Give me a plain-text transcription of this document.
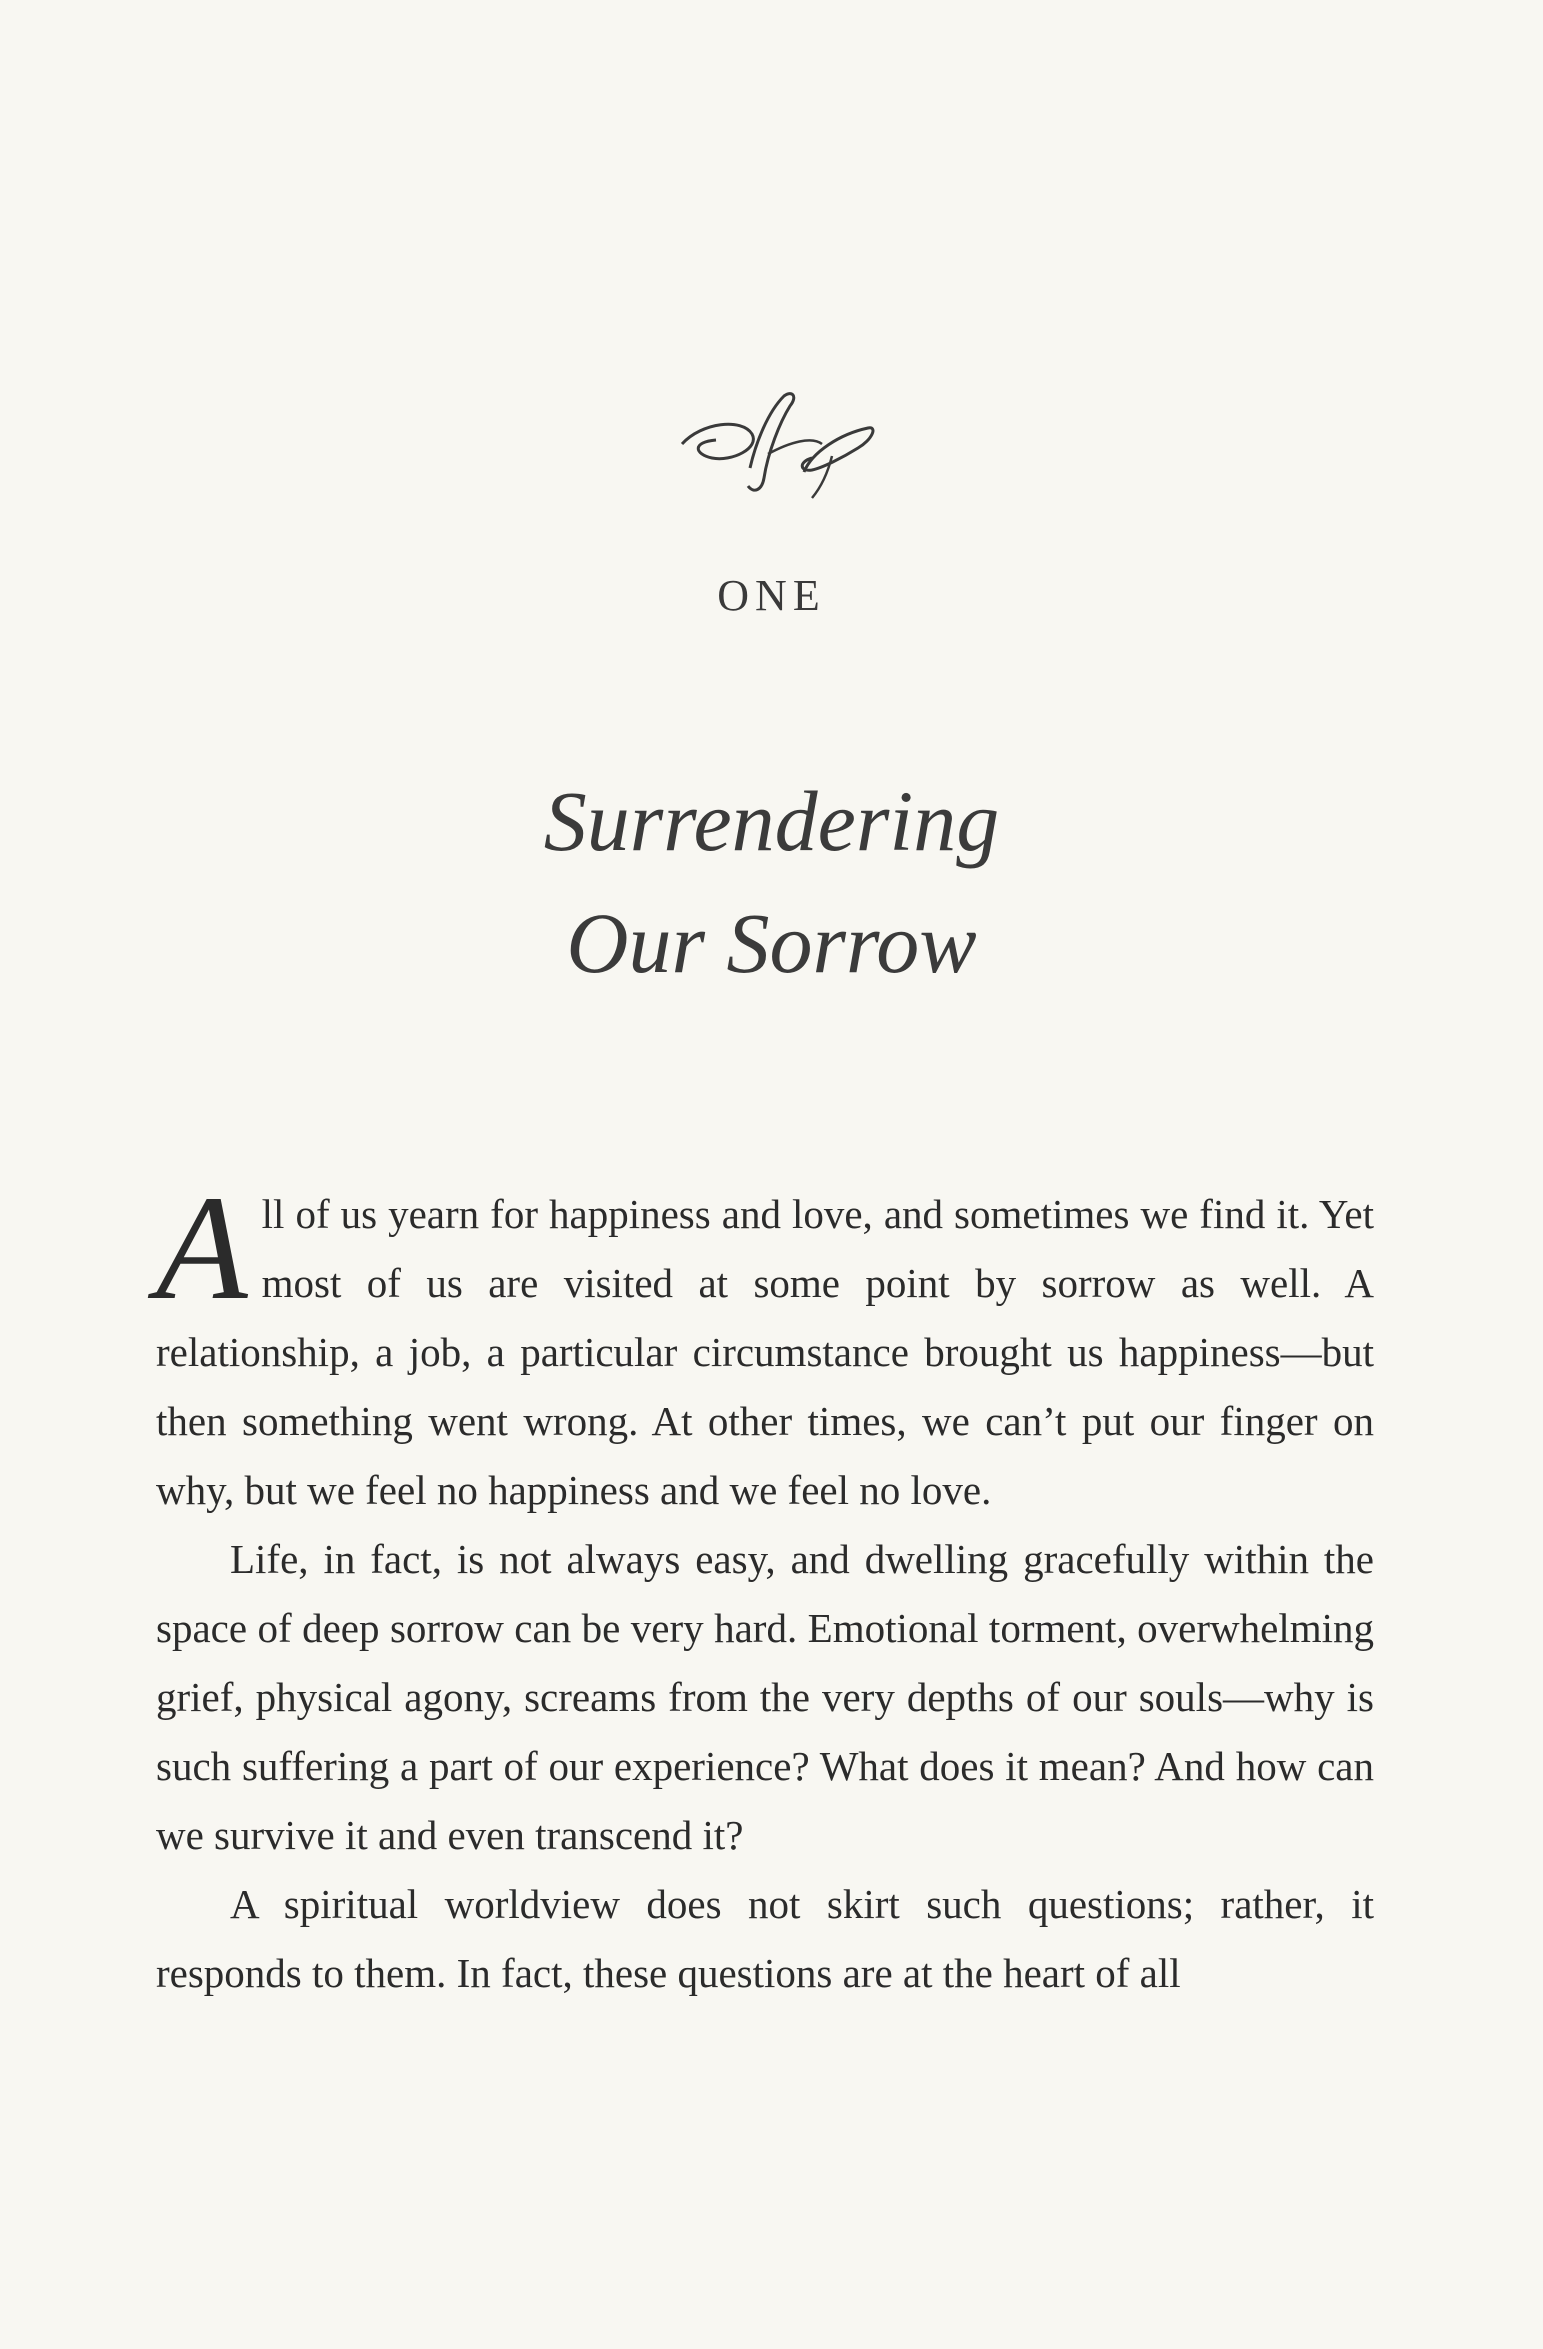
ONE
Surrendering
Our Sorrow

All of us yearn for happiness and love, and sometimes we find it. Yet most of us are visited at some point by sorrow as well. A relationship, a job, a particular circumstance brought us happiness—but then something went wrong. At other times, we can’t put our finger on why, but we feel no happiness and we feel no love.

Life, in fact, is not always easy, and dwelling gracefully within the space of deep sorrow can be very hard. Emotional torment, overwhelming grief, physical agony, screams from the very depths of our souls—why is such suffering a part of our experience? What does it mean? And how can we survive it and even transcend it?

A spiritual worldview does not skirt such questions; rather, it responds to them. In fact, these questions are at the heart of all
